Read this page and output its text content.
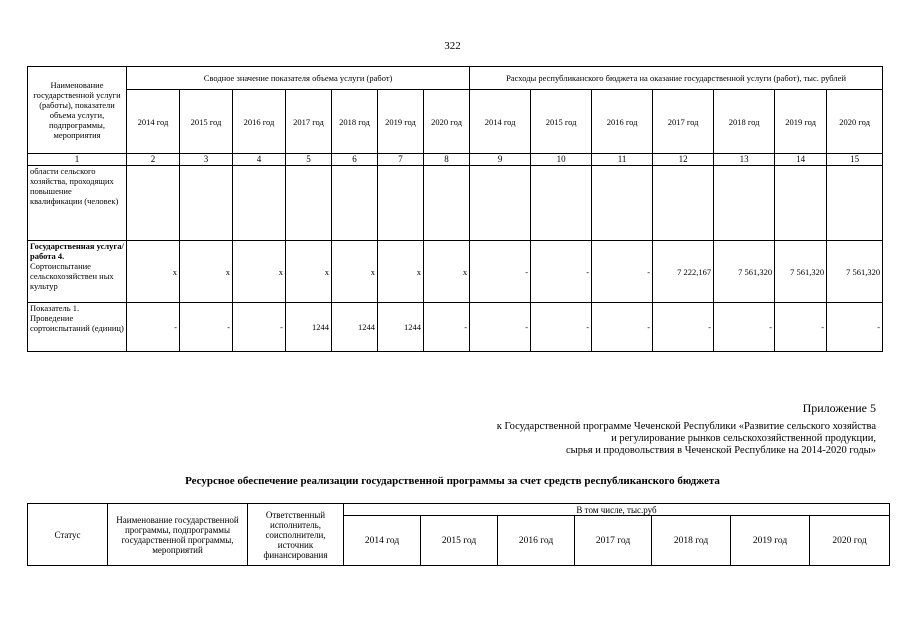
322
Наименование государственной услуги (работы), показатели объема услуги, подпрограммы, мероприятия	Сводное значение показателя объема услуги (работ)							Расходы республиканского бюджета на оказание государственной услуги (работ), тыс. рублей						
	2014 год	2015 год	2016 год	2017 год	2018 год	2019 год	2020 год	2014 год	2015 год	2016 год	2017 год	2018 год	2019 год	2020 год
1	2	3	4	5	6	7	8	9	10	11	12	13	14	15
области сельского хозяйства, проходящих повышение квалификации (человек)														
Государственная услуга/работа 4. Сортоиспытание сельскохозяйствен ных культур	х	х	х	х	х	х	х	-	-	-	7 222,167	7 561,320	7 561,320	7 561,320
Показатель 1. Проведение сортоиспытаний (единиц)	-	-	-	1244	1244	1244	-	-	-	-	-	-	-	-
Приложение 5
к Государственной программе Чеченской Республики «Развитие сельского хозяйства
и регулирование рынков сельскохозяйственной продукции,
сырья и продовольствия в Чеченской Республике на 2014-2020 годы»
Ресурсное обеспечение реализации государственной программы за счет средств республиканского бюджета
Статус	Наименование государственной программы, подпрограммы государственной программы, мероприятий	Ответственный исполнитель, соисполнители, источник финансирования	В том числе, тыс.руб						
			2014 год	2015 год	2016 год	2017 год	2018 год	2019 год	2020 год
